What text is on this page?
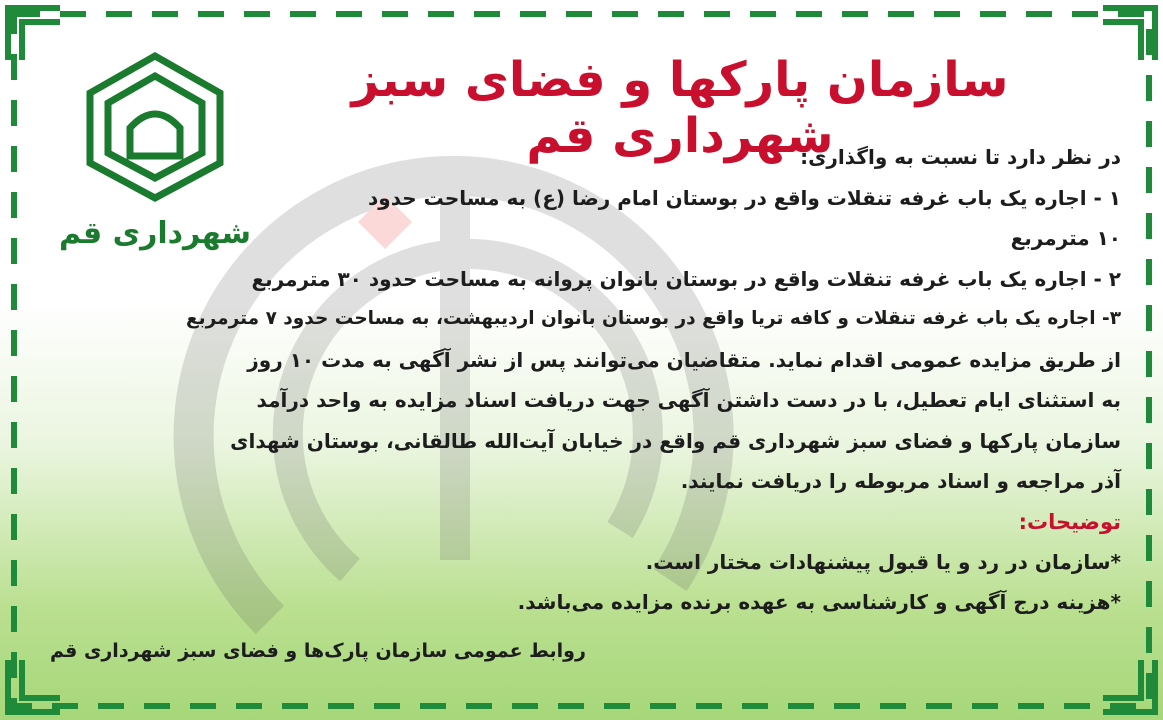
شهرداری قم
سازمان پارکها و فضای سبز شهرداری قم
در نظر دارد تا نسبت به واگذاری:
۱ - اجاره یک باب غرفه تنقلات واقع در بوستان امام رضا (ع) به مساحت حدود
۱۰ مترمربع
۲ - اجاره یک باب غرفه تنقلات واقع در بوستان بانوان پروانه به مساحت حدود ۳۰ مترمربع
۳- اجاره یک باب غرفه تنقلات و کافه تریا واقع در بوستان بانوان اردیبهشت، به مساحت حدود ۷ مترمربع
از طریق مزایده عمومی اقدام نماید. متقاضیان می‌توانند پس از نشر آگهی به مدت ۱۰ روز
به استثنای ایام تعطیل، با در دست داشتن آگهی جهت دریافت اسناد مزایده به واحد درآمد
سازمان پارکها و فضای سبز شهرداری قم واقع در خیابان آیت‌الله طالقانی، بوستان شهدای
آذر مراجعه و اسناد مربوطه را دریافت نمایند.
توضیحات:
*سازمان در رد و یا قبول پیشنهادات مختار است.
*هزینه درج آگهی و کارشناسی به عهده برنده مزایده می‌باشد.
روابط عمومی سازمان پارک‌ها و فضای سبز شهرداری قم
